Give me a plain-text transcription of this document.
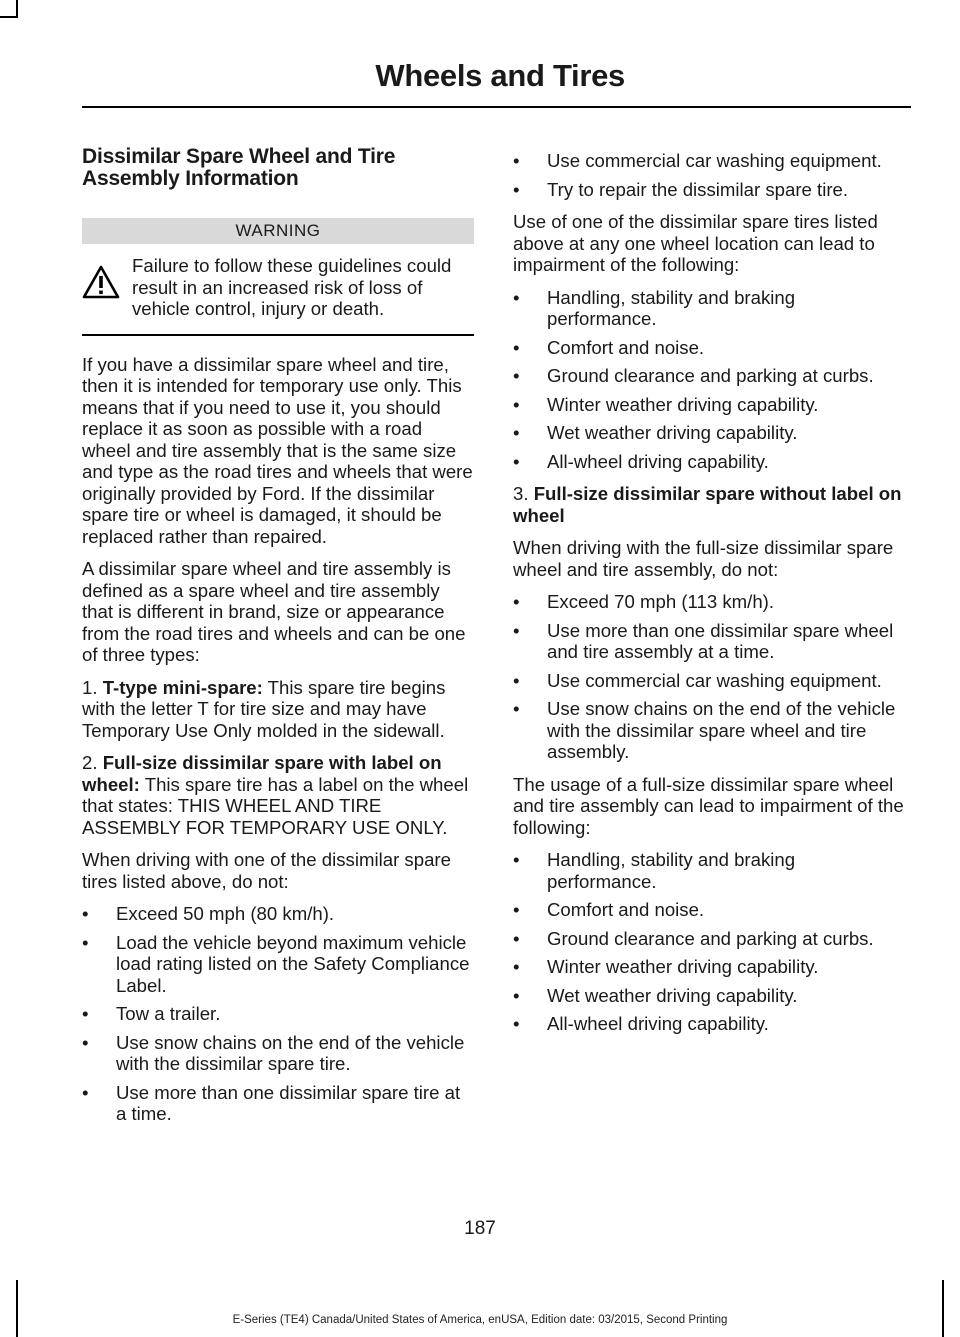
Wheels and Tires
Dissimilar Spare Wheel and Tire Assembly Information
WARNING
Failure to follow these guidelines could result in an increased risk of loss of vehicle control, injury or death.

If you have a dissimilar spare wheel and tire, then it is intended for temporary use only. This means that if you need to use it, you should replace it as soon as possible with a road wheel and tire assembly that is the same size and type as the road tires and wheels that were originally provided by Ford. If the dissimilar spare tire or wheel is damaged, it should be replaced rather than repaired.

A dissimilar spare wheel and tire assembly is defined as a spare wheel and tire assembly that is different in brand, size or appearance from the road tires and wheels and can be one of three types:

1. T-type mini-spare: This spare tire begins with the letter T for tire size and may have Temporary Use Only molded in the sidewall.

2. Full-size dissimilar spare with label on wheel: This spare tire has a label on the wheel that states: THIS WHEEL AND TIRE ASSEMBLY FOR TEMPORARY USE ONLY.

When driving with one of the dissimilar spare tires listed above, do not:

•	Exceed 50 mph (80 km/h).
•	Load the vehicle beyond maximum vehicle load rating listed on the Safety Compliance Label.
•	Tow a trailer.
•	Use snow chains on the end of the vehicle with the dissimilar spare tire.
•	Use more than one dissimilar spare tire at a time.
•	Use commercial car washing equipment.
•	Try to repair the dissimilar spare tire.

Use of one of the dissimilar spare tires listed above at any one wheel location can lead to impairment of the following:

•	Handling, stability and braking performance.
•	Comfort and noise.
•	Ground clearance and parking at curbs.
•	Winter weather driving capability.
•	Wet weather driving capability.
•	All-wheel driving capability.

3. Full-size dissimilar spare without label on wheel

When driving with the full-size dissimilar spare wheel and tire assembly, do not:

•	Exceed 70 mph (113 km/h).
•	Use more than one dissimilar spare wheel and tire assembly at a time.
•	Use commercial car washing equipment.
•	Use snow chains on the end of the vehicle with the dissimilar spare wheel and tire assembly.

The usage of a full-size dissimilar spare wheel and tire assembly can lead to impairment of the following:

•	Handling, stability and braking performance.
•	Comfort and noise.
•	Ground clearance and parking at curbs.
•	Winter weather driving capability.
•	Wet weather driving capability.
•	All-wheel driving capability.
187
E-Series (TE4) Canada/United States of America, enUSA, Edition date: 03/2015, Second Printing
